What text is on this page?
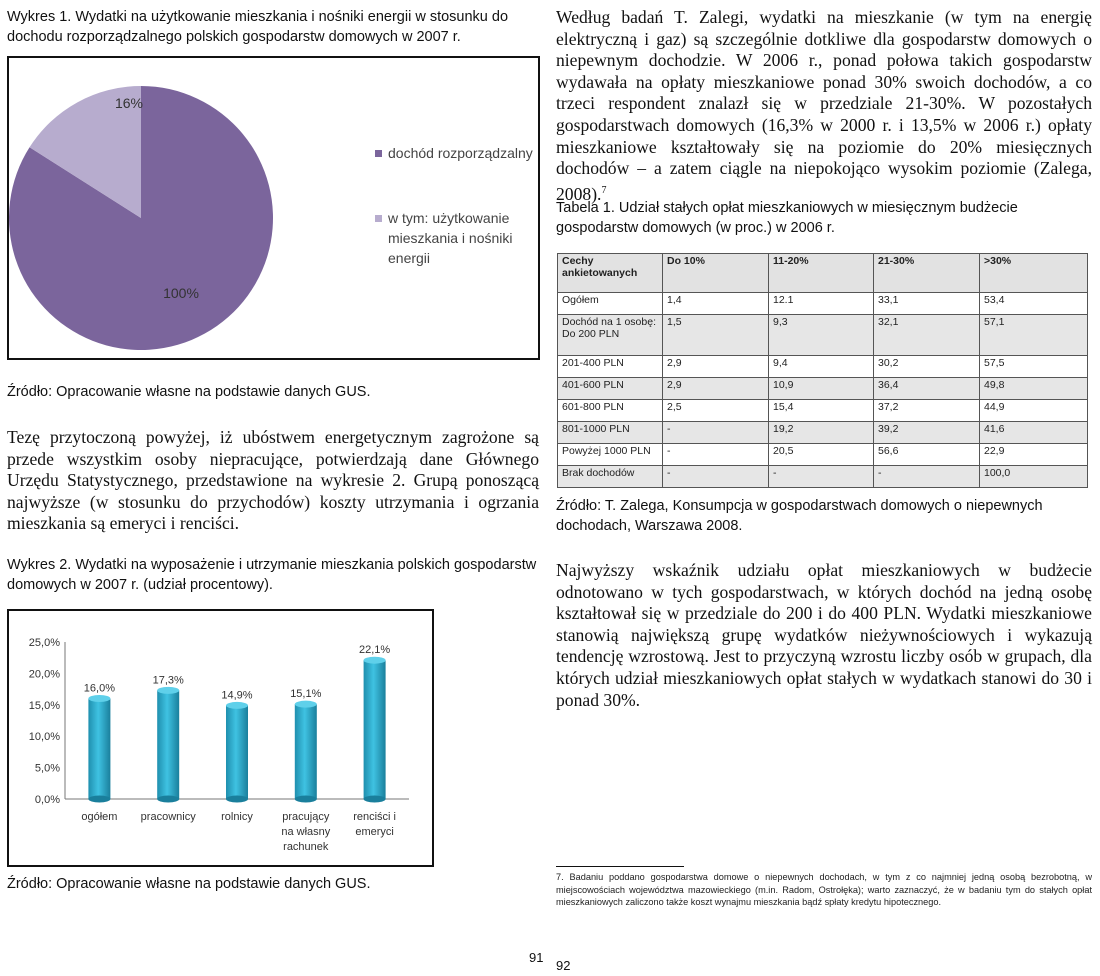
Wykres 1. Wydatki na użytkowanie mieszkania i nośniki energii w stosunku do dochodu rozporządzalnego polskich gospodarstw domowych w 2007 r.
100%
16%
dochód rozporządzalny
w tym: użytkowanie
mieszkania i nośniki
energii
Źródło: Opracowanie własne na podstawie danych GUS.
Tezę przytoczoną powyżej, iż ubóstwem energetycznym zagrożone są przede wszystkim osoby niepracujące, potwierdzają dane Głównego Urzędu Statystycznego, przedstawione na wykresie 2. Grupą ponoszącą najwyższe (w stosunku do przychodów) koszty utrzymania i ogrzania mieszkania są emeryci i renciści.
Wykres 2. Wydatki na wyposażenie i utrzymanie mieszkania polskich gospodarstw domowych w 2007 r. (udział procentowy).
0,0%
5,0%
10,0%
15,0%
20,0%
25,0%
16,0%
ogółem
17,3%
pracownicy
14,9%
rolnicy
15,1%
pracujący
na własny
rachunek
22,1%
renciści i
emeryci
Źródło: Opracowanie własne na podstawie danych GUS.
91
Według badań T. Zalegi, wydatki na mieszkanie (w tym na energię elektryczną i gaz) są szczególnie dotkliwe dla gospodarstw domowych o niepewnym dochodzie. W 2006 r., ponad połowa takich gospodarstw wydawała na opłaty mieszkaniowe ponad 30% swoich dochodów, a co trzeci respondent znalazł się w przedziale 21-30%. W pozostałych gospodarstwach domowych (16,3% w 2000 r. i 13,5% w 2006 r.) opłaty mieszkaniowe kształtowały się na poziomie do 20% miesięcznych dochodów – a zatem ciągle na niepokojąco wysokim poziomie (Zalega, 2008).$^7$
Tabela 1. Udział stałych opłat mieszkaniowych w miesięcznym budżecie gospodarstw domowych (w proc.) w 2006 r.
Cechy ankietowanych	Do 10%	11-20%	21-30%	>30%
Ogółem	1,4	12.1	33,1	53,4
Dochód na 1 osobę: Do 200 PLN	1,5	9,3	32,1	57,1
201-400 PLN	2,9	9,4	30,2	57,5
401-600 PLN	2,9	10,9	36,4	49,8
601-800 PLN	2,5	15,4	37,2	44,9
801-1000 PLN	-	19,2	39,2	41,6
Powyżej 1000 PLN	-	20,5	56,6	22,9
Brak dochodów	-	-	-	100,0
Źródło: T. Zalega, Konsumpcja w gospodarstwach domowych o niepewnych dochodach, Warszawa 2008.
Najwyższy wskaźnik udziału opłat mieszkaniowych w budżecie odnotowano w tych gospodarstwach, w których dochód na jedną osobę kształtował się w przedziale do 200 i do 400 PLN. Wydatki mieszkaniowe stanowią największą grupę wydatków nieżywnościowych i wykazują tendencję wzrostową. Jest to przyczyną wzrostu liczby osób w grupach, dla których udział mieszkaniowych opłat stałych w wydatkach stanowi do 30 i ponad 30%.
7. Badaniu poddano gospodarstwa domowe o niepewnych dochodach, w tym z co najmniej jedną osobą bezrobotną, w miejscowościach województwa mazowieckiego (m.in. Radom, Ostrołęka); warto zaznaczyć, że w badaniu tym do stałych opłat mieszkaniowych zaliczono także koszt wynajmu mieszkania bądź spłaty kredytu hipotecznego.
92
